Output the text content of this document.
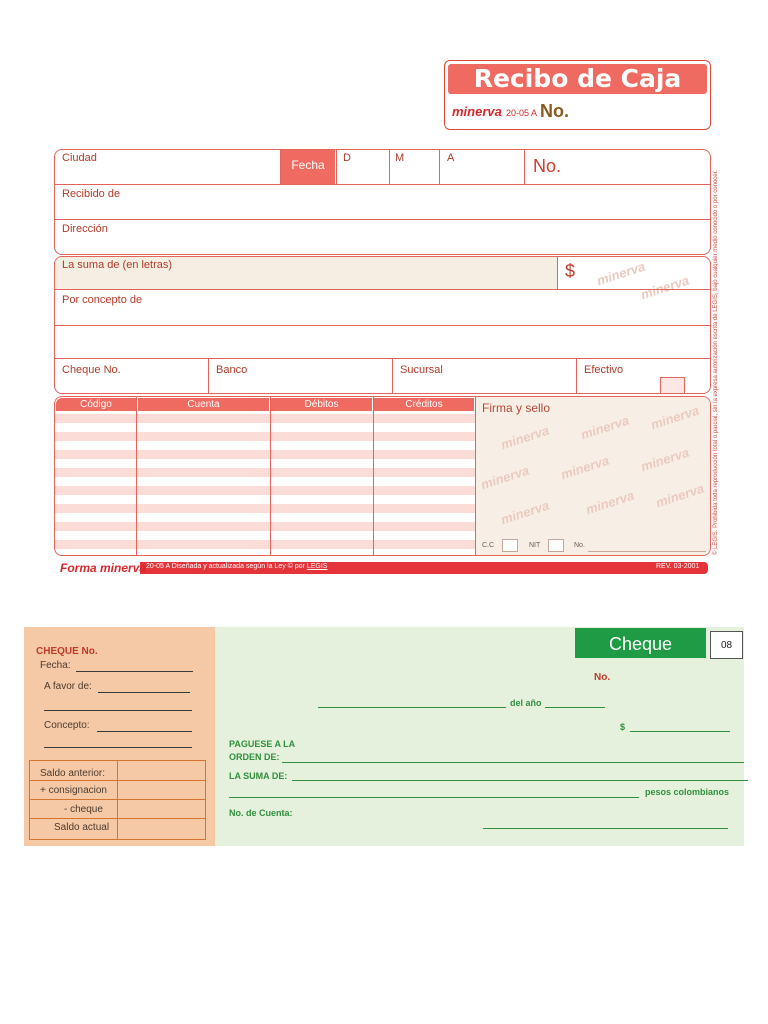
Recibo de Caja
minerva 20-05 A No.
Fecha
Ciudad	D	M	A	No.
Recibido de
Dirección
minerva
minerva
La suma de (en letras)	$
Por concepto de
Cheque No.	Banco	Sucursal	Efectivo
minerva minerva minerva
minerva minerva minerva
minerva	minerva minerva
Firma y sello
Código	Cuenta	Débitos	Créditos
C.C	NIT	No.
Forma minerva 20-05 A Diseñada y actualizada según la Ley © por LEGIS	REV. 03-2001
© LEGIS. Prohibida toda reproducción total o parcial, sin la expresa autorización escrita de LEGIS, bajo cualquier medio conocido o por conocer.
CHEQUE No.
Fecha:
A favor de:
Concepto:
Saldo anterior:
+ consignacion
- cheque
Saldo actual
Cheque	08
No.
del año
$
PAGUESE A LA
ORDEN DE:
LA SUMA DE:
pesos colombianos
No. de Cuenta:
